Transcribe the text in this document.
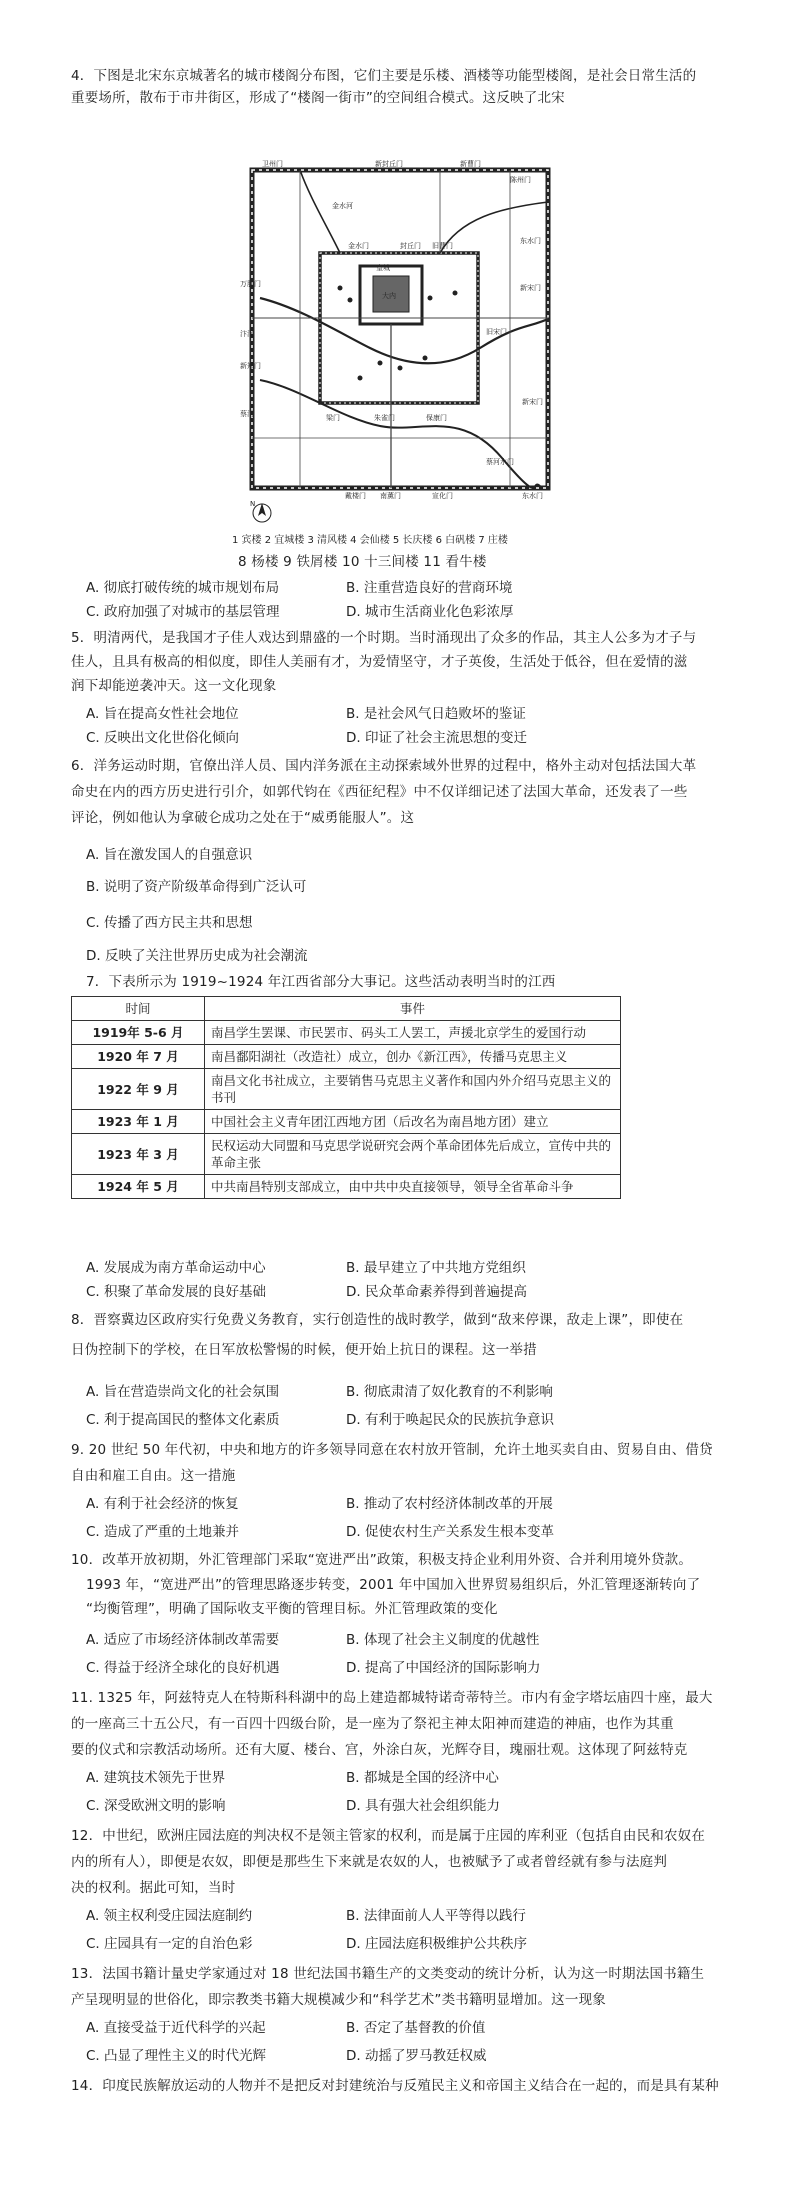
4．下图是北宋东京城著名的城市楼阁分布图，它们主要是乐楼、酒楼等功能型楼阁，是社会日常生活的
重要场所，散布于市井街区，形成了“楼阁一街市”的空间组合模式。这反映了北宋
卫州门	新封丘门	新曹门
陈州门
金水河
金水门	封丘门 旧曹门
东水门
万胜门
皇城
大内
新宋门
汴河	旧宋门
新郑门
梁门	朱雀门	保康门
蔡河
新宋门
蔡河水门
戴楼门 南薰门	宣化门	东水门
N
1 宾楼 2 宜城楼 3 清风楼 4 会仙楼 5 长庆楼 6 白矾楼 7 庄楼
8 杨楼 9 铁屑楼 10 十三间楼 11 看牛楼
A. 彻底打破传统的城市规划布局	B. 注重营造良好的营商环境
C. 政府加强了对城市的基层管理	D. 城市生活商业化色彩浓厚
5．明清两代，是我国才子佳人戏达到鼎盛的一个时期。当时涌现出了众多的作品，其主人公多为才子与
佳人，且具有极高的相似度，即佳人美丽有才，为爱情坚守，才子英俊，生活处于低谷，但在爱情的滋
润下却能逆袭冲天。这一文化现象
A. 旨在提高女性社会地位	B. 是社会风气日趋败坏的鉴证
C. 反映出文化世俗化倾向	D. 印证了社会主流思想的变迁
6．洋务运动时期，官僚出洋人员、国内洋务派在主动探索域外世界的过程中，格外主动对包括法国大革
命史在内的西方历史进行引介，如郭代钧在《西征纪程》中不仅详细记述了法国大革命，还发表了一些
评论，例如他认为拿破仑成功之处在于“威勇能服人”。这
A. 旨在激发国人的自强意识
B. 说明了资产阶级革命得到广泛认可
C. 传播了西方民主共和思想
D. 反映了关注世界历史成为社会潮流
7．下表所示为 1919~1924 年江西省部分大事记。这些活动表明当时的江西
时间	事件
1919年 5-6 月	南昌学生罢课、市民罢市、码头工人罢工，声援北京学生的爱国行动
1920 年 7 月	南昌鄱阳湖社（改造社）成立，创办《新江西》，传播马克思主义
1922 年 9 月	南昌文化书社成立，主要销售马克思主义著作和国内外介绍马克思主义的书刊
1923 年 1 月	中国社会主义青年团江西地方团（后改名为南昌地方团）建立
1923 年 3 月	民权运动大同盟和马克思学说研究会两个革命团体先后成立，宣传中共的革命主张
1924 年 5 月	中共南昌特别支部成立，由中共中央直接领导，领导全省革命斗争
A. 发展成为南方革命运动中心	B. 最早建立了中共地方党组织
C. 积聚了革命发展的良好基础	D. 民众革命素养得到普遍提高
8．晋察冀边区政府实行免费义务教育，实行创造性的战时教学，做到“敌来停课，敌走上课”，即使在
日伪控制下的学校，在日军放松警惕的时候，便开始上抗日的课程。这一举措
A. 旨在营造崇尚文化的社会氛围	B. 彻底肃清了奴化教育的不利影响
C. 利于提高国民的整体文化素质	D. 有利于唤起民众的民族抗争意识
9. 20 世纪 50 年代初，中央和地方的许多领导同意在农村放开管制，允许土地买卖自由、贸易自由、借贷
自由和雇工自由。这一措施
A. 有利于社会经济的恢复	B. 推动了农村经济体制改革的开展
C. 造成了严重的土地兼并	D. 促使农村生产关系发生根本变革
10．改革开放初期，外汇管理部门采取“宽进严出”政策，积极支持企业利用外资、合并利用境外贷款。
1993 年，“宽进严出”的管理思路逐步转变，2001 年中国加入世界贸易组织后，外汇管理逐渐转向了
“均衡管理”，明确了国际收支平衡的管理目标。外汇管理政策的变化
A. 适应了市场经济体制改革需要	B. 体现了社会主义制度的优越性
C. 得益于经济全球化的良好机遇	D. 提高了中国经济的国际影响力
11. 1325 年，阿兹特克人在特斯科科湖中的岛上建造都城特诺奇蒂特兰。市内有金字塔坛庙四十座，最大
的一座高三十五公尺，有一百四十四级台阶，是一座为了祭祀主神太阳神而建造的神庙，也作为其重
要的仪式和宗教活动场所。还有大厦、楼台、宫，外涂白灰，光辉夺目，瑰丽壮观。这体现了阿兹特克
A. 建筑技术领先于世界	B. 都城是全国的经济中心
C. 深受欧洲文明的影响	D. 具有强大社会组织能力
12．中世纪，欧洲庄园法庭的判决权不是领主管家的权利，而是属于庄园的库利亚（包括自由民和农奴在
内的所有人），即便是农奴，即便是那些生下来就是农奴的人，也被赋予了或者曾经就有参与法庭判
决的权利。据此可知，当时
A. 领主权利受庄园法庭制约	B. 法律面前人人平等得以践行
C. 庄园具有一定的自治色彩	D. 庄园法庭积极维护公共秩序
13．法国书籍计量史学家通过对 18 世纪法国书籍生产的文类变动的统计分析，认为这一时期法国书籍生
产呈现明显的世俗化，即宗教类书籍大规模减少和“科学艺术”类书籍明显增加。这一现象
A. 直接受益于近代科学的兴起	B. 否定了基督教的价值
C. 凸显了理性主义的时代光辉	D. 动摇了罗马教廷权威
14．印度民族解放运动的人物并不是把反对封建统治与反殖民主义和帝国主义结合在一起的，而是具有某种
